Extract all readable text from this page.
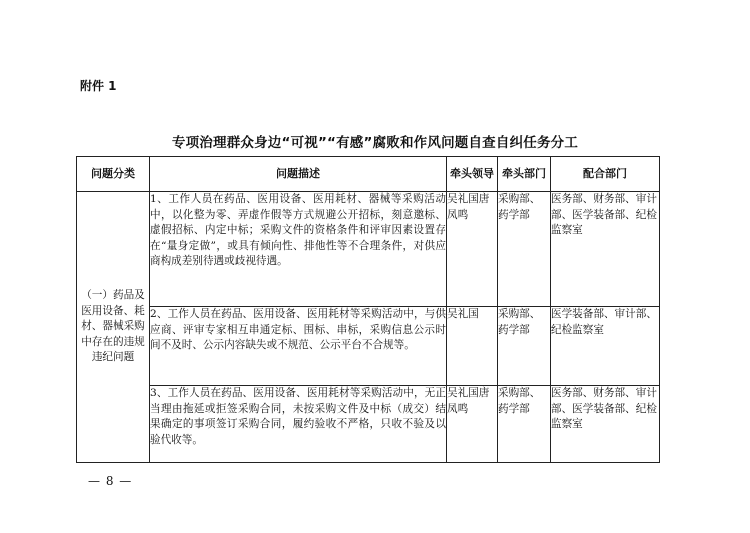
附件 1
专项治理群众身边“可视”“有感”腐败和作风问题自查自纠任务分工
问题分类	问题描述	牵头领导	牵头部门	配合部门
（一）药品及医用设备、耗材、器械采购中存在的违规违纪问题	1、工作人员在药品、医用设备、医用耗材、器械等采购活动中，以化整为零、弄虚作假等方式规避公开招标，刻意邀标、虚假招标、内定中标；采购文件的资格条件和评审因素设置存在“量身定做”，或具有倾向性、排他性等不合理条件，对供应商构成差别待遇或歧视待遇。	吴礼国唐凤鸣	采购部、药学部	医务部、财务部、审计部、医学装备部、纪检监察室
	2、工作人员在药品、医用设备、医用耗材等采购活动中，与供应商、评审专家相互串通定标、围标、串标，采购信息公示时间不及时、公示内容缺失或不规范、公示平台不合规等。	吴礼国	采购部、药学部	医学装备部、审计部、纪检监察室
	3、工作人员在药品、医用设备、医用耗材等采购活动中，无正当理由拖延或拒签采购合同，未按采购文件及中标（成交）结果确定的事项签订采购合同，履约验收不严格，只收不验及以验代收等。	吴礼国唐凤鸣	采购部、药学部	医务部、财务部、审计部、医学装备部、纪检监察室
— 8 —
